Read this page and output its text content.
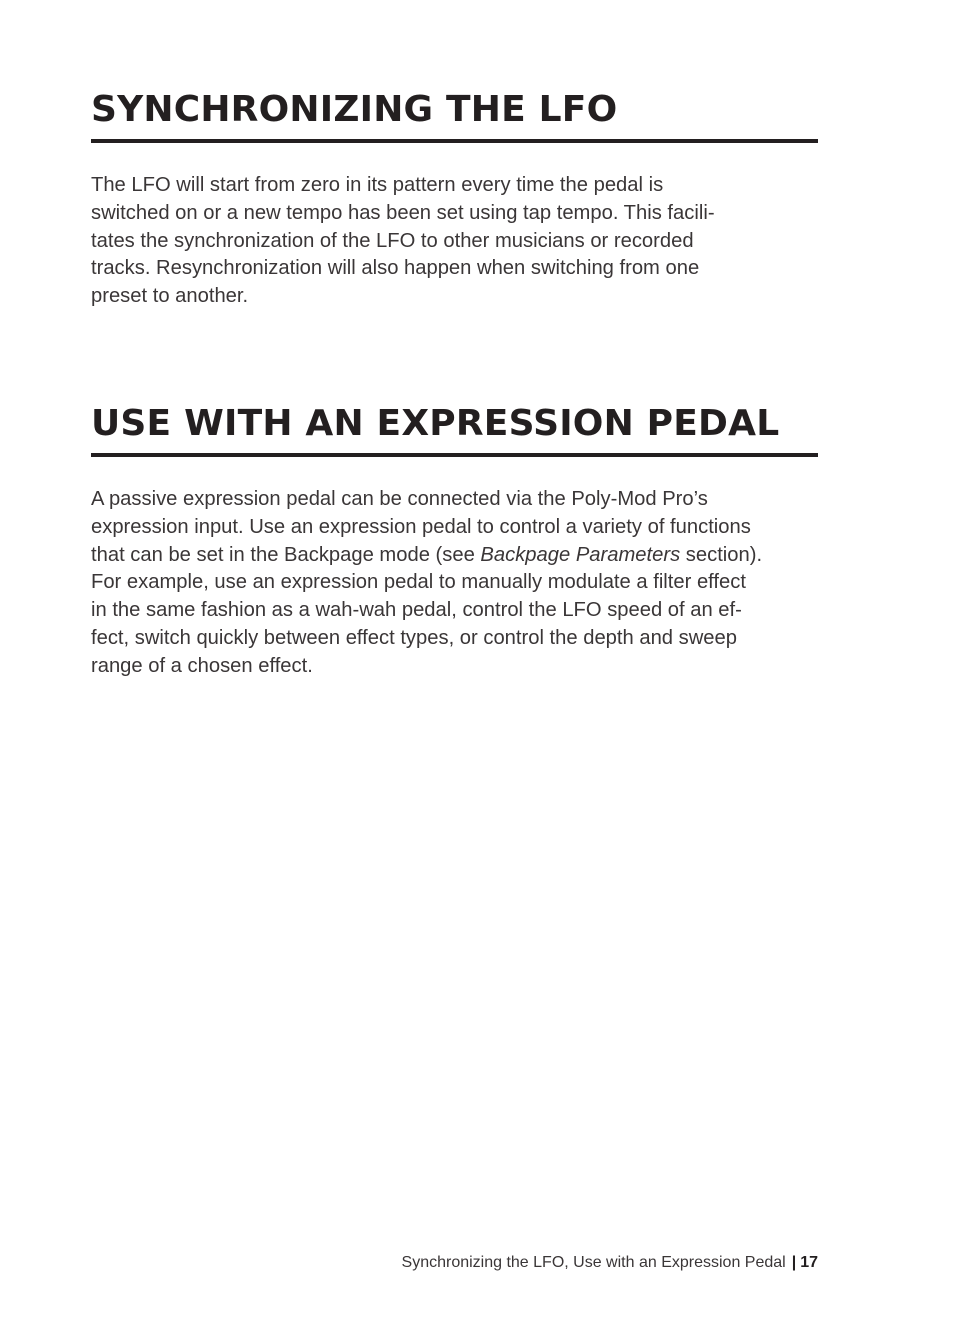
SYNCHRONIZING THE LFO

The LFO will start from zero in its pattern every time the pedal is
switched on or a new tempo has been set using tap tempo. This facili-
tates the synchronization of the LFO to other musicians or recorded
tracks. Resynchronization will also happen when switching from one
preset to another.

USE WITH AN EXPRESSION PEDAL

A passive expression pedal can be connected via the Poly-Mod Pro’s
expression input. Use an expression pedal to control a variety of functions
that can be set in the Backpage mode (see Backpage Parameters section).
For example, use an expression pedal to manually modulate a filter effect
in the same fashion as a wah-wah pedal, control the LFO speed of an ef-
fect, switch quickly between effect types, or control the depth and sweep
range of a chosen effect.

Synchronizing the LFO, Use with an Expression Pedal | 17
